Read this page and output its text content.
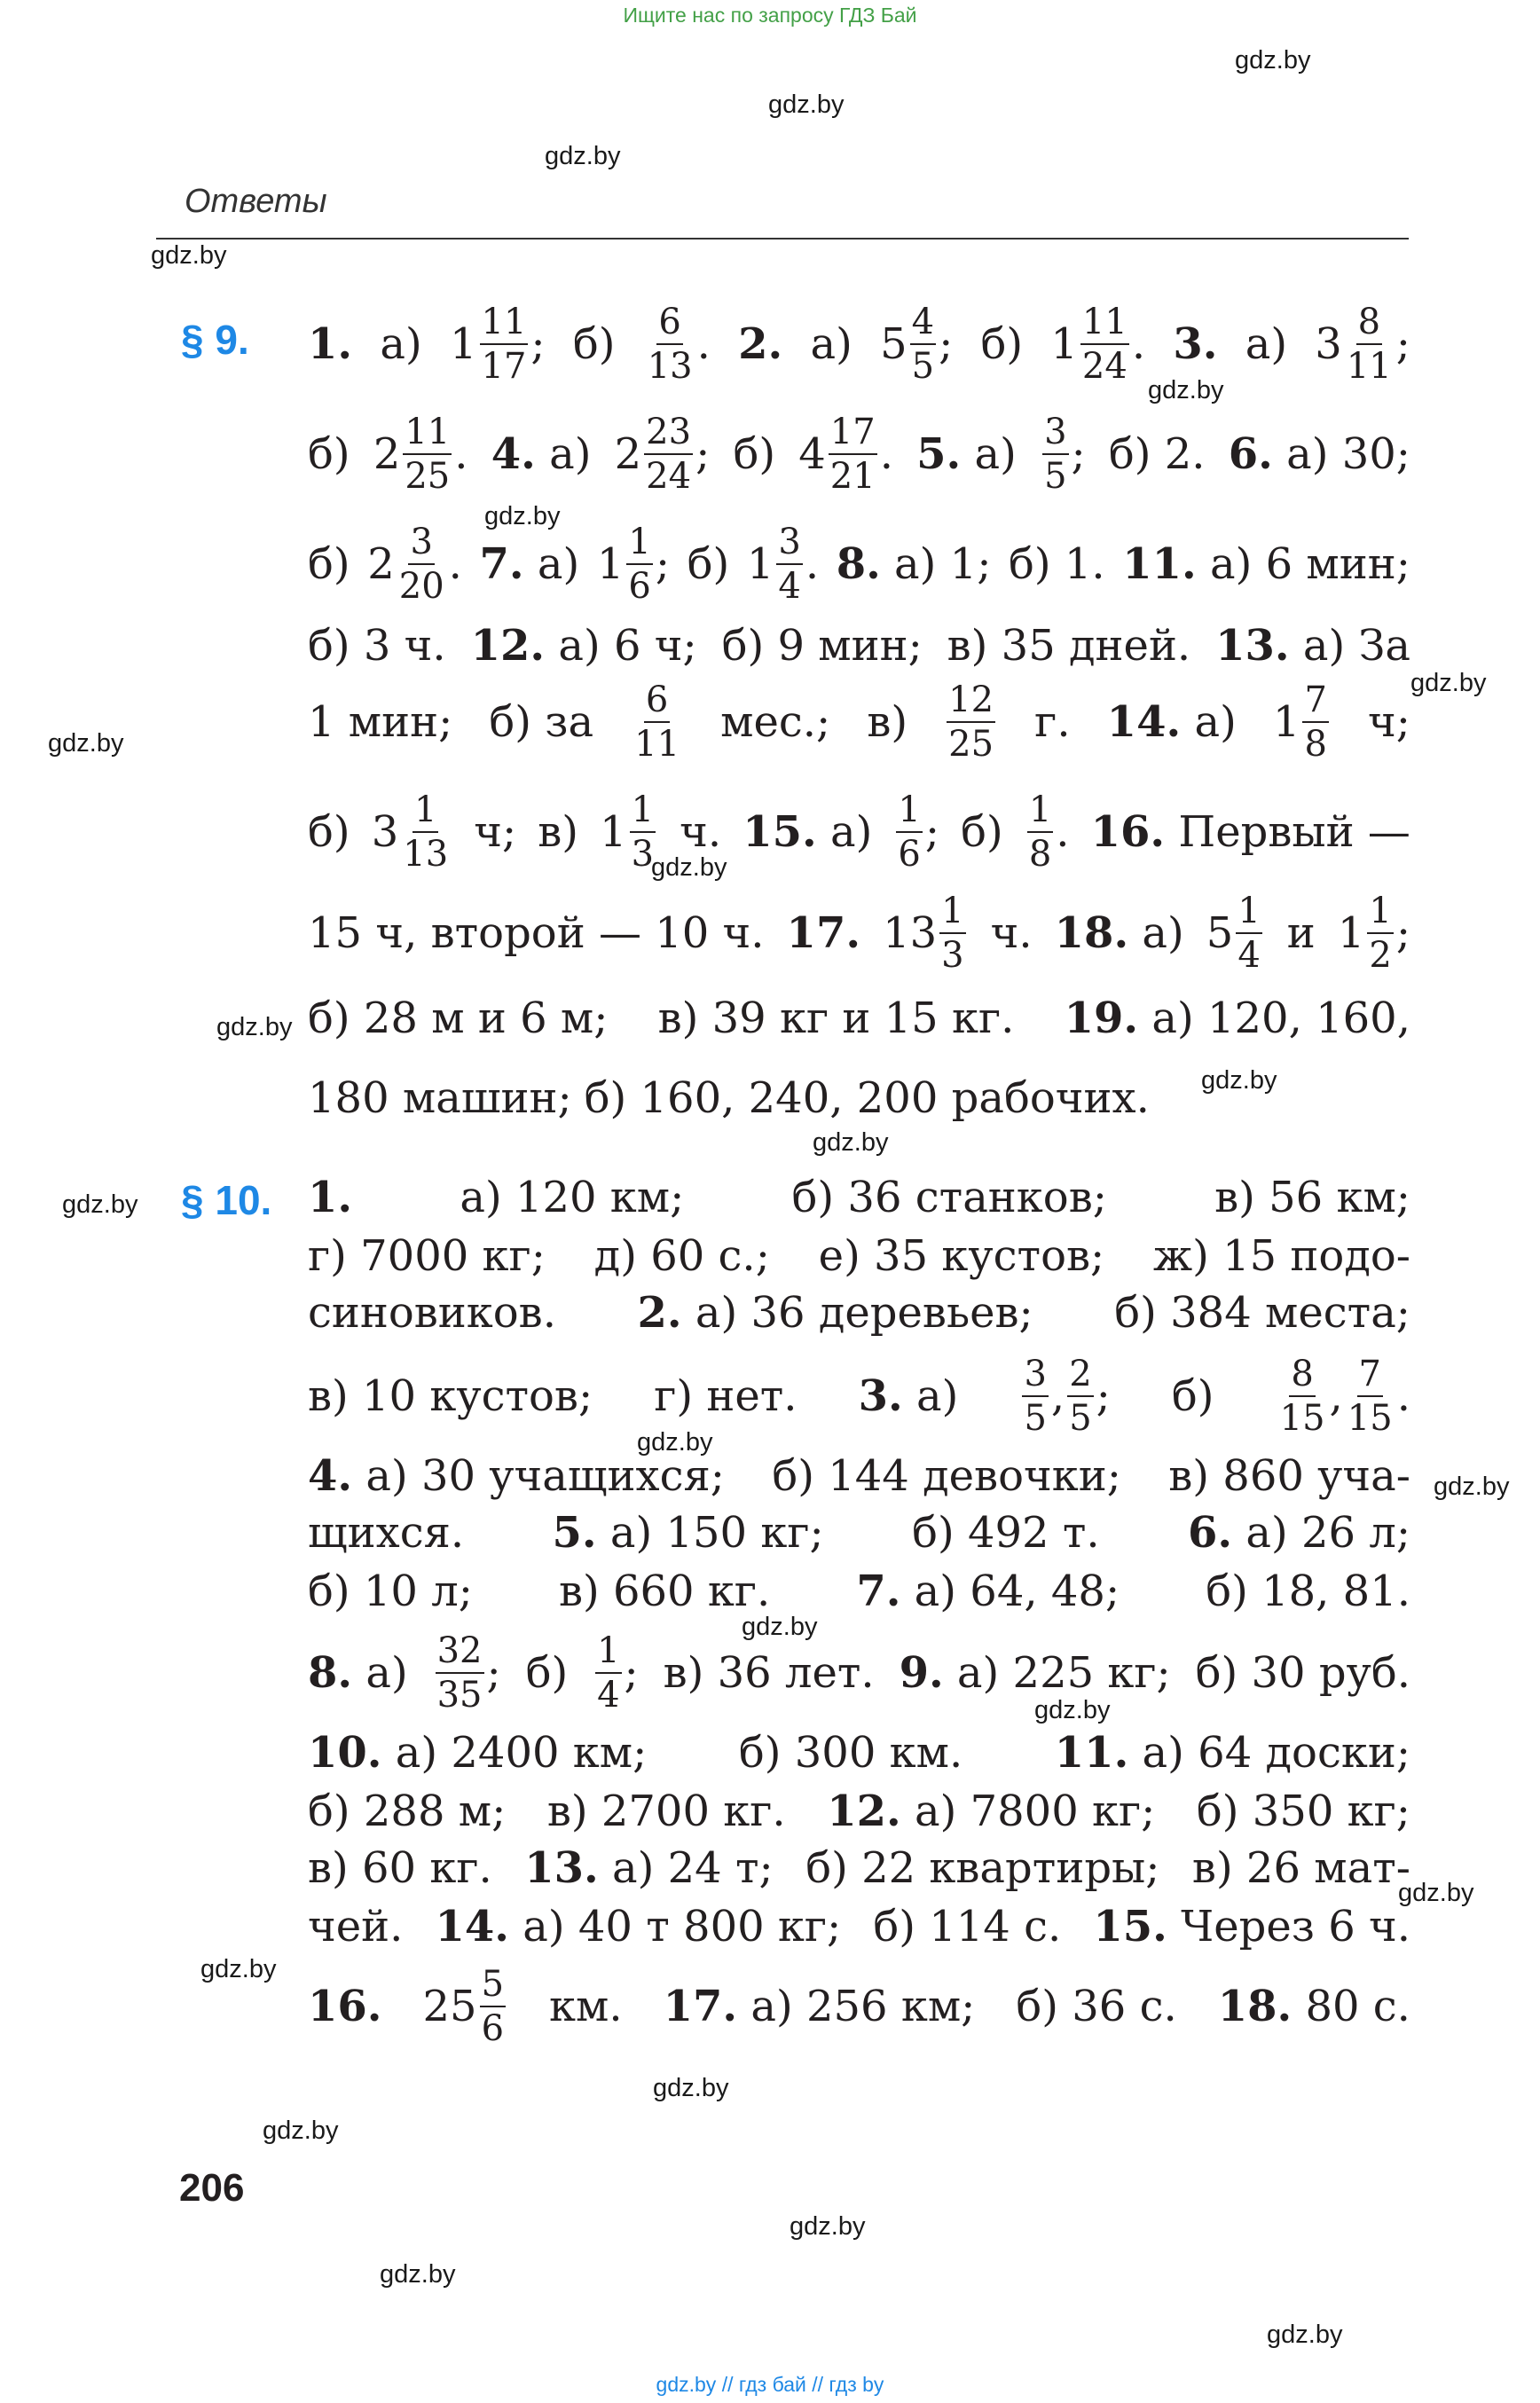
Ищите нас по запросу ГДЗ Бай
gdz.by
gdz.by
gdz.by
gdz.by
gdz.by
gdz.by
gdz.by
gdz.by
gdz.by
gdz.by
gdz.by
gdz.by
gdz.by
gdz.by
gdz.by
gdz.by
gdz.by
gdz.by
gdz.by
gdz.by
gdz.by
gdz.by
gdz.by
gdz.by
Ответы
§ 9. 1. а) $1 \frac{11}{17}$ ; $б) \frac{6}{13}$ . 2. а) $5 \frac{4}{5}$ ; б) $1 \frac{11}{24}$ . 3. а) $3 \frac{8}{11}$ ;
б) $2 \frac{11}{25}$ . 4. а) $2 \frac{23}{24}$ ; б) $4 \frac{17}{21}$ . 5. $а) \frac{3}{5}$ ; б) 2. 6. а) 30;
б) $2 \frac{3}{20}$ . 7. а) $1 \frac{1}{6}$ ; б) $1 \frac{3}{4}$ . 8. а) 1; б) 1. 11. а) 6 мин;
б) 3 ч. 12. а) 6 ч; б) 9 мин; в) 35 дней. 13. а) За
1 мин; б) за $\frac{6}{11}$ мес.; $в) \frac{12}{25} г$. 14. а) $1 \frac{7}{8} ч$;
б) $3 \frac{1}{13} ч$; в) $1 \frac{1}{3} ч$. 15. $а) \frac{1}{6}$ ; $б) \frac{1}{8}$ . 16. Первый —
15 ч, второй — 10 ч. 17. $13 \frac{1}{3} ч$. 18. а) $5 \frac{1}{4}$ и $1 \frac{1}{2}$ ;
б) 28 м и 6 м; в) 39 кг и 15 кг. 19. а) 120, 160,
180 машин; б) 160, 240, 200 рабочих.
§ 10. 1.	а) 120 км;	б) 36 станков;	в) 56 км;
г) 7000 кг; д) 60 с.; е) 35 кустов; ж) 15 подо-
синовиков. 2. а) 36 деревьев; б) 384 места;
в) 10 кустов; г) нет. 3. $а) \frac{3}{5}$ , $\frac{2}{5}$ ; $б) \frac{8}{15}$ , $\frac{7}{15}$ .
4. а) 30 учащихся; б) 144 девочки; в) 860 уча-
щихся. 5. а) 150 кг; б) 492 т. 6. а) 26 л;
б) 10 л; в) 660 кг. 7. а) 64, 48; б) 18, 81.
8. $а) \frac{32}{35}$ ; $б) \frac{1}{4}$ ; в) 36 лет. 9. а) 225 кг; б) 30 руб.
10. а) 2400 км; б) 300 км. 11. а) 64 доски;
б) 288 м; в) 2700 кг. 12. а) 7800 кг; б) 350 кг;
в) 60 кг. 13. а) 24 т; б) 22 квартиры; в) 26 мат-
чей. 14. а) 40 т 800 кг; б) 114 с. 15. Через 6 ч.
16. $25 \frac{5}{6}$ км. 17. а) 256 км; б) 36 с. 18. 80 с.
206
gdz.by // гдз бай // гдз by
